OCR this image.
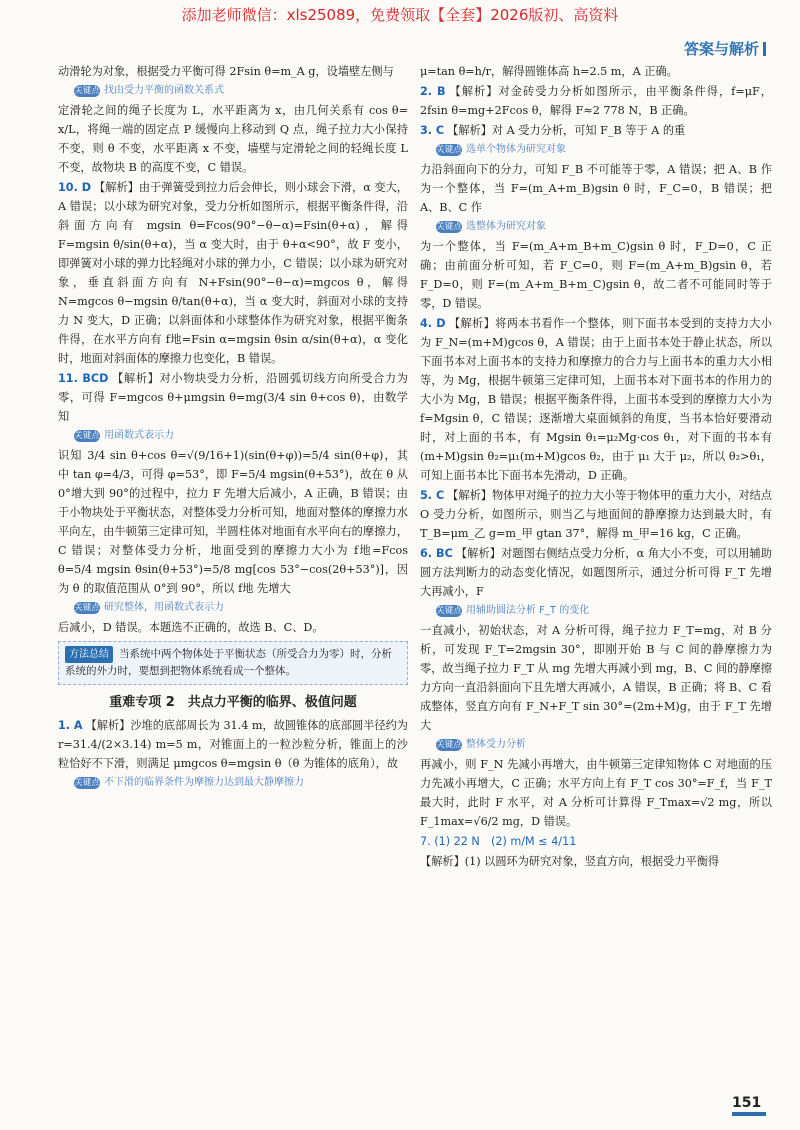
添加老师微信：xls25089，免费领取【全套】2026版初、高资料
答案与解析

动滑轮为对象，根据受力平衡可得 2Fsin θ=m_A g，设墙壁左侧与

关键点 找由受力平衡的函数关系式

定滑轮之间的绳子长度为 L，水平距离为 x，由几何关系有 cos θ= x/L，将绳一端的固定点 P 缓慢向上移动到 Q 点，绳子拉力大小保持不变，则 θ 不变，水平距离 x 不变，墙壁与定滑轮之间的轻绳长度 L 不变，故物块 B 的高度不变，C 错误。

10. D 【解析】由于弹簧受到拉力后会伸长，则小球会下滑，α 变大，A 错误；以小球为研究对象，受力分析如图所示，根据平衡条件得，沿斜面方向有 mgsin θ=Fcos(90°−θ−α)=Fsin(θ+α)，解得 F=mgsin θ/sin(θ+α)，当 α 变大时，由于 θ+α<90°，故 F 变小，即弹簧对小球的弹力比轻绳对小球的弹力小，C 错误；以小球为研究对象，垂直斜面方向有 N+Fsin(90°−θ−α)=mgcos θ，解得 N=mgcos θ−mgsin θ/tan(θ+α)，当 α 变大时，斜面对小球的支持力 N 变大，D 正确；以斜面体和小球整体作为研究对象，根据平衡条件得，在水平方向有 f地=Fsin α=mgsin θsin α/sin(θ+α)，α 变化时，地面对斜面体的摩擦力也变化，B 错误。

11. BCD 【解析】对小物块受力分析，沿圆弧切线方向所受合力为零，可得 F=mgcos θ+μmgsin θ=mg(3/4 sin θ+cos θ)，由数学知

关键点 用函数式表示力

识知 3/4 sin θ+cos θ=√(9/16+1)(sin(θ+φ))=5/4 sin(θ+φ)，其中 tan φ=4/3，可得 φ=53°，即 F=5/4 mgsin(θ+53°)，故在 θ 从 0°增大到 90°的过程中，拉力 F 先增大后减小，A 正确，B 错误；由于小物块处于平衡状态，对整体受力分析可知，地面对整体的摩擦力水平向左，由牛顿第三定律可知，半圆柱体对地面有水平向右的摩擦力，C 错误；对整体受力分析，地面受到的摩擦力大小为 f地=Fcos θ=5/4 mgsin θsin(θ+53°)=5/8 mg[cos 53°−cos(2θ+53°)]，因为 θ 的取值范围从 0°到 90°，所以 f地 先增大

关键点 研究整体，用函数式表示力

后减小，D 错误。本题选不正确的，故选 B、C、D。

方法总结 当系统中两个物体处于平衡状态（所受合力为零）时，分析系统的外力时，要想到把物体系统看成一个整体。
重难专项 2　共点力平衡的临界、极值问题

1. A 【解析】沙堆的底部周长为 31.4 m，故圆锥体的底部圆半径约为 r=31.4/(2×3.14) m=5 m，对锥面上的一粒沙粒分析，锥面上的沙粒恰好不下滑，则满足 μmgcos θ=mgsin θ（θ 为锥体的底角），故

关键点 不下滑的临界条件为摩擦力达到最大静摩擦力

μ=tan θ=h/r，解得圆锥体高 h=2.5 m，A 正确。

2. B 【解析】对金砖受力分析如图所示，由平衡条件得，f=μF，2fsin θ=mg+2Fcos θ，解得 F≈2 778 N，B 正确。

3. C 【解析】对 A 受力分析，可知 F_B 等于 A 的重

关键点 选单个物体为研究对象

力沿斜面向下的分力，可知 F_B 不可能等于零，A 错误；把 A、B 作为一个整体，当 F=(m_A+m_B)gsin θ 时，F_C=0，B 错误；把 A、B、C 作

关键点 选整体为研究对象

为一个整体，当 F=(m_A+m_B+m_C)gsin θ 时，F_D=0，C 正确；由前面分析可知，若 F_C=0，则 F=(m_A+m_B)gsin θ，若 F_D=0，则 F=(m_A+m_B+m_C)gsin θ，故二者不可能同时等于零，D 错误。

4. D 【解析】将两本书看作一个整体，则下面书本受到的支持力大小为 F_N=(m+M)gcos θ，A 错误；由于上面书本处于静止状态，所以下面书本对上面书本的支持力和摩擦力的合力与上面书本的重力大小相等，为 Mg，根据牛顿第三定律可知，上面书本对下面书本的作用力的大小为 Mg，B 错误；根据平衡条件得，上面书本受到的摩擦力大小为 f=Mgsin θ，C 错误；逐渐增大桌面倾斜的角度，当书本恰好要滑动时，对上面的书本，有 Mgsin θ₁=μ₂Mg·cos θ₁，对下面的书本有 (m+M)gsin θ₂=μ₁(m+M)gcos θ₂，由于 μ₁ 大于 μ₂，所以 θ₂>θ₁，可知上面书本比下面书本先滑动，D 正确。

5. C 【解析】物体甲对绳子的拉力大小等于物体甲的重力大小，对结点 O 受力分析，如图所示，则当乙与地面间的静摩擦力达到最大时，有 T_B=μm_乙 g=m_甲 gtan 37°，解得 m_甲=16 kg，C 正确。

6. BC 【解析】对题图右侧结点受力分析，α 角大小不变，可以用辅助圆方法判断力的动态变化情况，如题图所示，通过分析可得 F_T 先增大再减小，F

关键点 用辅助圆法分析 F_T 的变化

一直减小，初始状态，对 A 分析可得，绳子拉力 F_T=mg，对 B 分析，可发现 F_T=2mgsin 30°，即刚开始 B 与 C 间的静摩擦力为零，故当绳子拉力 F_T 从 mg 先增大再减小到 mg，B、C 间的静摩擦力方向一直沿斜面向下且先增大再减小，A 错误，B 正确；将 B、C 看成整体，竖直方向有 F_N+F_T sin 30°=(2m+M)g，由于 F_T 先增大

关键点 整体受力分析

再减小，则 F_N 先减小再增大，由牛顿第三定律知物体 C 对地面的压力先减小再增大，C 正确；水平方向上有 F_T cos 30°=F_f，当 F_T 最大时，此时 F 水平，对 A 分析可计算得 F_Tmax=√2 mg，所以 F_1max=√6/2 mg，D 错误。

7. (1) 22 N　(2) m/M ≤ 4/11

【解析】(1) 以圆环为研究对象，竖直方向，根据受力平衡得

151
